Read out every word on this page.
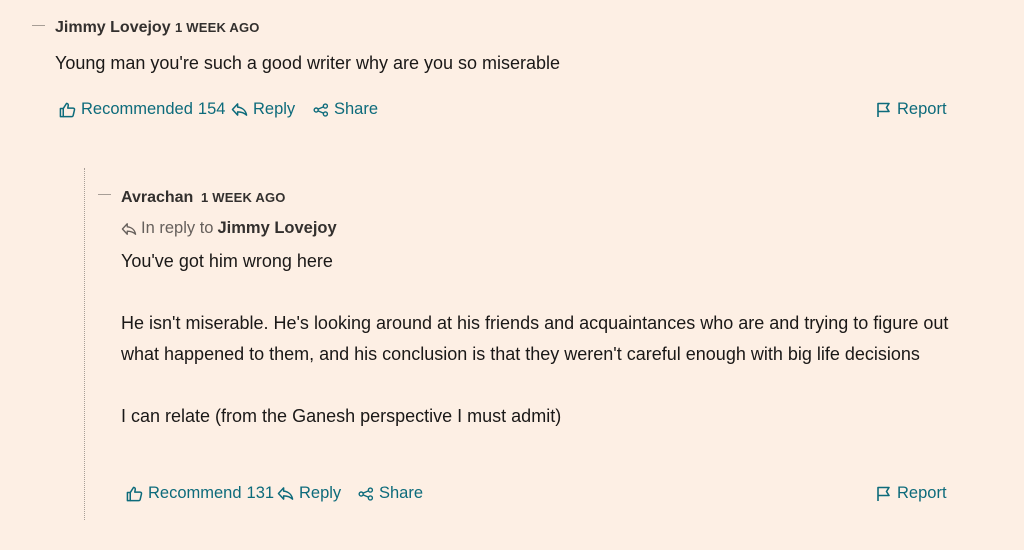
Jimmy Lovejoy 1 WEEK AGO
Young man you're such a good writer why are you so miserable
Recommended 154 Reply Share	Report
Avrachan 1 WEEK AGO
In reply to Jimmy Lovejoy

You've got him wrong here

He isn't miserable. He's looking around at his friends and acquaintances who are and trying to figure out what happened to them, and his conclusion is that they weren't careful enough with big life decisions

I can relate (from the Ganesh perspective I must admit)

Recommend 131 Reply Share	Report
